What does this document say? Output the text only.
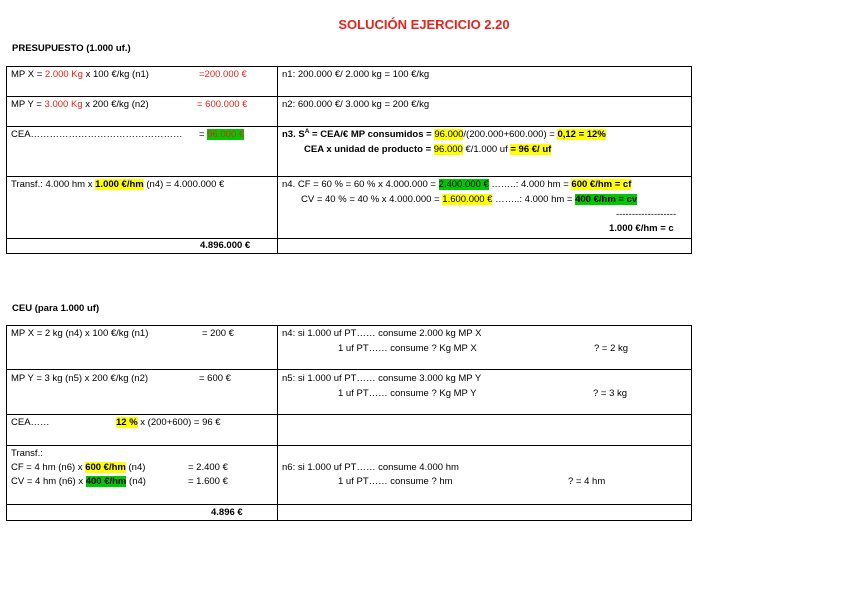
SOLUCIÓN EJERCICIO 2.20
PRESUPUESTO (1.000 uf.)
MP X = 2.000 Kg x 100 €/kg (n1)	=200.000 €	n1: 200.000 €/ 2.000 kg = 100 €/kg
MP Y = 3.000 Kg x 200 €/kg (n2)	= 600.000 €	n2: 600.000 €/ 3.000 kg = 200 €/kg
CEA………………………………………… = 96.000 €	n3. $S^A$ = CEA/€ MP consumidos = 96.000/(200.000+600.000) = 0,12 = 12%
CEA x unidad de producto = 96.000 €/1.000 uf = 96 €/ uf
Transf.: 4.000 hm x 1.000 €/hm (n4) = 4.000.000 €	n4. CF = 60 % = 60 % x 4.000.000 = 2.400.000 € ……..: 4.000 hm = 600 €/hm = cf
CV = 40 % = 40 % x 4.000.000 = 1.600.000 € ……..: 4.000 hm = 400 €/hm = cv
-------------------
1.000 €/hm = c
4.896.000 €
CEU (para 1.000 uf)
MP X = 2 kg (n4) x 100 €/kg (n1)	= 200 €	n4: si 1.000 uf PT…… consume 2.000 kg MP X
1 uf PT…… consume ? Kg MP X	? = 2 kg
MP Y = 3 kg (n5) x 200 €/kg (n2)	= 600 €	n5: si 1.000 uf PT…… consume 3.000 kg MP Y
1 uf PT…… consume ? Kg MP Y	? = 3 kg
CEA……	12 % x (200+600) = 96 €
Transf.:
CF = 4 hm (n6) x 600 €/hm (n4)	= 2.400 €
CV = 4 hm (n6) x 400 €/hm (n4)	= 1.600 €
n6: si 1.000 uf PT…… consume 4.000 hm
1 uf PT…… consume ? hm	? = 4 hm
4.896 €
